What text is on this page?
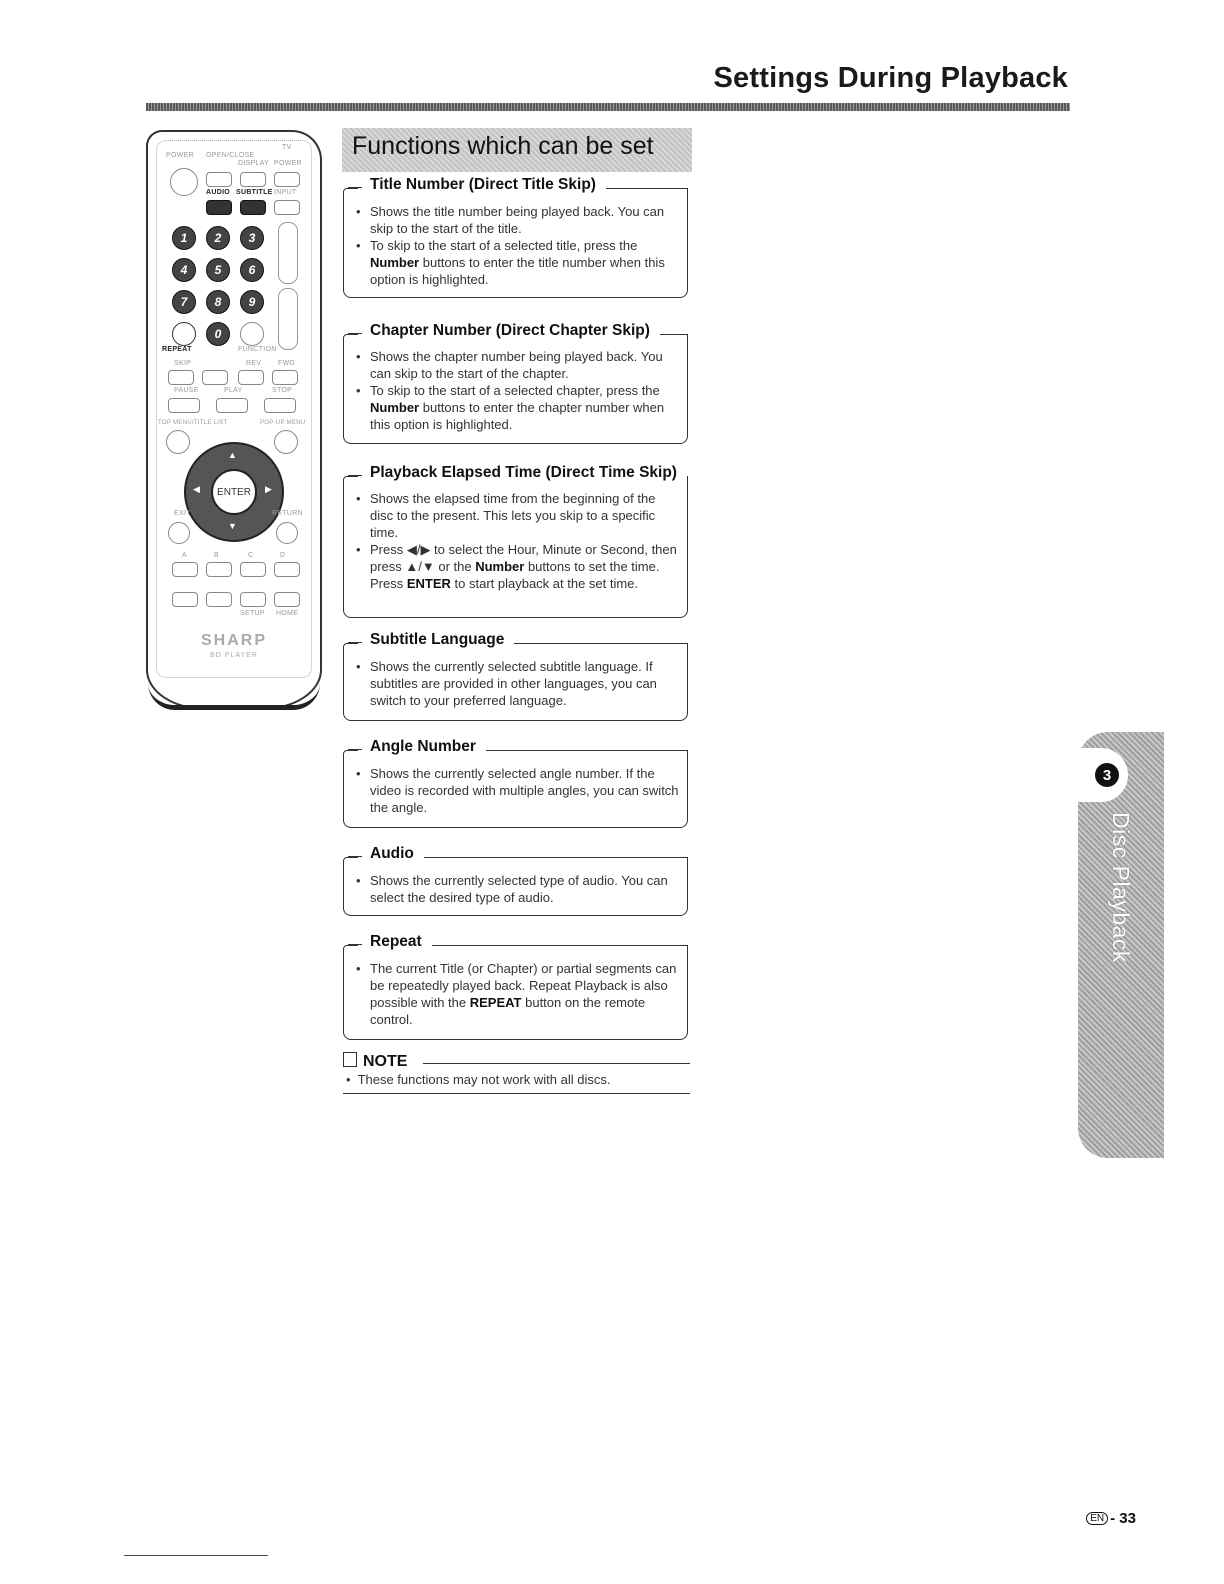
Settings During Playback
POWER OPEN/CLOSE
DISPLAY
TV
POWER
AUDIO SUBTITLE INPUT
1	2	3
4	5	6
7	8	9
0
REPEAT	FUNCTION
SKIP	REV FWD
PAUSE	PLAY	STOP
TOP MENU/TITLE LIST	POP-UP MENU
▲
▼
◀	▶
ENTER
EXIT	RETURN
A	B	C	D
SETUP HOME
SHARP
BD PLAYER
Functions which can be set
Title Number (Direct Title Skip)
• Shows the title number being played back. You can skip to the start of the title.
• To skip to the start of a selected title, press the Number buttons to enter the title number when this option is highlighted.
Chapter Number (Direct Chapter Skip)
• Shows the chapter number being played back. You can skip to the start of the chapter.
• To skip to the start of a selected chapter, press the Number buttons to enter the chapter number when this option is highlighted.
Playback Elapsed Time (Direct Time Skip)
• Shows the elapsed time from the beginning of the disc to the present. This lets you skip to a specific time.
• Press ◀/▶ to select the Hour, Minute or Second, then press ▲/▼ or the Number buttons to set the time. Press ENTER to start playback at the set time.
Subtitle Language
• Shows the currently selected subtitle language. If subtitles are provided in other languages, you can switch to your preferred language.
Angle Number
• Shows the currently selected angle number. If the video is recorded with multiple angles, you can switch the angle.
Audio
• Shows the currently selected type of audio. You can select the desired type of audio.
Repeat
• The current Title (or Chapter) or partial segments can be repeatedly played back. Repeat Playback is also possible with the REPEAT button on the remote control.
NOTE
• These functions may not work with all discs.
3
Disc Playback
EN - 33
